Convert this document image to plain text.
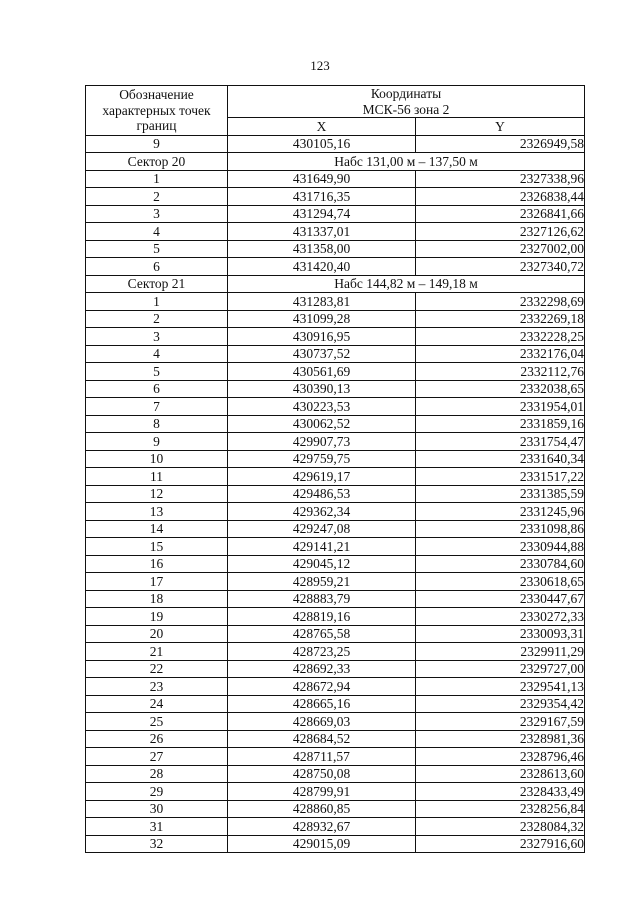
123
Обозначение характерных точек границ	Координаты
МСК-56 зона 2	

	X	Y
9	430105,16	2326949,58
Сектор 20	Набс 131,00 м – 137,50 м	
1	431649,90	2327338,96
2	431716,35	2326838,44
3	431294,74	2326841,66
4	431337,01	2327126,62
5	431358,00	2327002,00
6	431420,40	2327340,72
Сектор 21	Набс 144,82 м – 149,18 м	
1	431283,81	2332298,69
2	431099,28	2332269,18
3	430916,95	2332228,25
4	430737,52	2332176,04
5	430561,69	2332112,76
6	430390,13	2332038,65
7	430223,53	2331954,01
8	430062,52	2331859,16
9	429907,73	2331754,47
10	429759,75	2331640,34
11	429619,17	2331517,22
12	429486,53	2331385,59
13	429362,34	2331245,96
14	429247,08	2331098,86
15	429141,21	2330944,88
16	429045,12	2330784,60
17	428959,21	2330618,65
18	428883,79	2330447,67
19	428819,16	2330272,33
20	428765,58	2330093,31
21	428723,25	2329911,29
22	428692,33	2329727,00
23	428672,94	2329541,13
24	428665,16	2329354,42
25	428669,03	2329167,59
26	428684,52	2328981,36
27	428711,57	2328796,46
28	428750,08	2328613,60
29	428799,91	2328433,49
30	428860,85	2328256,84
31	428932,67	2328084,32
32	429015,09	2327916,60
